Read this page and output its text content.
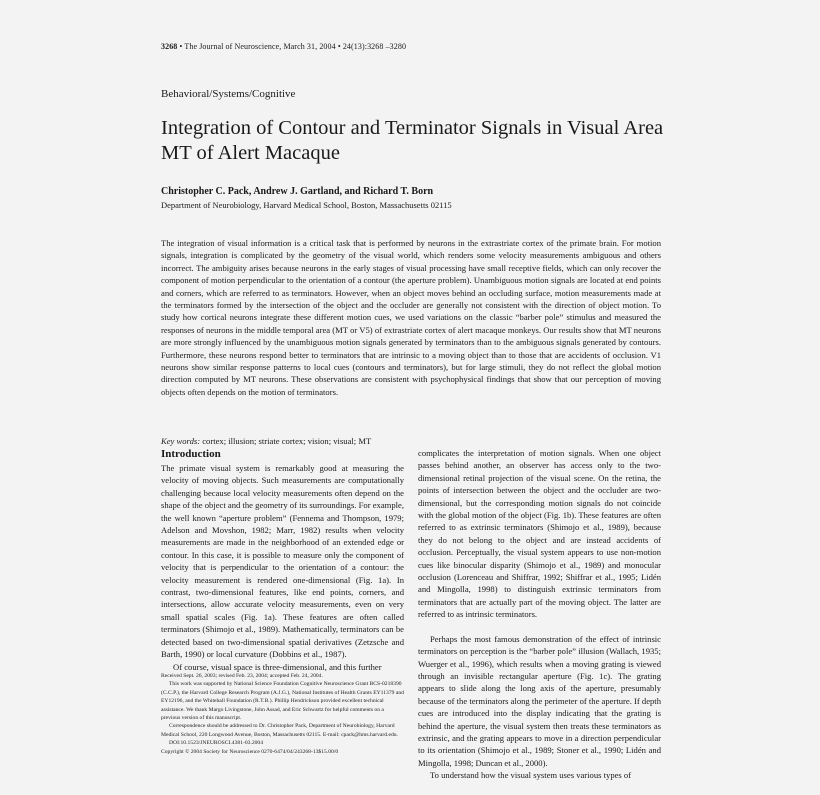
3268 • The Journal of Neuroscience, March 31, 2004 • 24(13):3268 –3280
Behavioral/Systems/Cognitive
Integration of Contour and Terminator Signals in Visual Area MT of Alert Macaque
Christopher C. Pack, Andrew J. Gartland, and Richard T. Born
Department of Neurobiology, Harvard Medical School, Boston, Massachusetts 02115

The integration of visual information is a critical task that is performed by neurons in the extrastriate cortex of the primate brain. For motion signals, integration is complicated by the geometry of the visual world, which renders some velocity measurements ambiguous and others incorrect. The ambiguity arises because neurons in the early stages of visual processing have small receptive fields, which can only recover the component of motion perpendicular to the orientation of a contour (the aperture problem). Unambiguous motion signals are located at end points and corners, which are referred to as terminators. However, when an object moves behind an occluding surface, motion measurements made at the terminators formed by the intersection of the object and the occluder are generally not consistent with the direction of object motion. To study how cortical neurons integrate these different motion cues, we used variations on the classic “barber pole” stimulus and measured the responses of neurons in the middle temporal area (MT or V5) of extrastriate cortex of alert macaque monkeys. Our results show that MT neurons are more strongly influenced by the unambiguous motion signals generated by terminators than to the ambiguous signals generated by contours. Furthermore, these neurons respond better to terminators that are intrinsic to a moving object than to those that are accidents of occlusion. V1 neurons show similar response patterns to local cues (contours and terminators), but for large stimuli, they do not reflect the global motion direction computed by MT neurons. These observations are consistent with psychophysical findings that show that our perception of moving objects often depends on the motion of terminators.

Key words: cortex; illusion; striate cortex; vision; visual; MT
Introduction

The primate visual system is remarkably good at measuring the velocity of moving objects. Such measurements are computationally challenging because local velocity measurements often depend on the shape of the object and the geometry of its surroundings. For example, the well known “aperture problem” (Fennema and Thompson, 1979; Adelson and Movshon, 1982; Marr, 1982) results when velocity measurements are made in the neighborhood of an extended edge or contour. In this case, it is possible to measure only the component of velocity that is perpendicular to the orientation of a contour: the velocity measurement is rendered one-dimensional (Fig. 1a). In contrast, two-dimensional features, like end points, corners, and intersections, allow accurate velocity measurements, even on very small spatial scales (Fig. 1a). These features are often called terminators (Shimojo et al., 1989). Mathematically, terminators can be detected based on two-dimensional spatial derivatives (Zetzsche and Barth, 1990) or local curvature (Dobbins et al., 1987).

Of course, visual space is three-dimensional, and this further

Received Sept. 26, 2003; revised Feb. 23, 2004; accepted Feb. 24, 2004.

This work was supported by National Science Foundation Cognitive Neuroscience Grant BCS-0218390 (C.C.P.), the Harvard College Research Program (A.J.G.), National Institutes of Health Grants EY11379 and EY12196, and the Whitehall Foundation (R.T.B.). Phillip Hendrickson provided excellent technical assistance. We thank Margo Livingstone, John Assad, and Eric Schwartz for helpful comments on a previous version of this manuscript.

Correspondence should be addressed to Dr. Christopher Pack, Department of Neurobiology, Harvard Medical School, 220 Longwood Avenue, Boston, Massachusetts 02115. E-mail: cpack@hms.harvard.edu.

DOI:10.1523/JNEUROSCI.4381-03.2004

Copyright © 2004 Society for Neuroscience 0270-6474/04/243268-13$15.00/0

complicates the interpretation of motion signals. When one object passes behind another, an observer has access only to the two-dimensional retinal projection of the visual scene. On the retina, the points of intersection between the object and the occluder are two-dimensional, but the corresponding motion signals do not coincide with the global motion of the object (Fig. 1b). These features are often referred to as extrinsic terminators (Shimojo et al., 1989), because they do not belong to the object and are instead accidents of occlusion. Perceptually, the visual system appears to use non-motion cues like binocular disparity (Shimojo et al., 1989) and monocular occlusion (Lorenceau and Shiffrar, 1992; Shiffrar et al., 1995; Lidén and Mingolla, 1998) to distinguish extrinsic terminators from terminators that are actually part of the moving object. The latter are referred to as intrinsic terminators.

Perhaps the most famous demonstration of the effect of intrinsic terminators on perception is the “barber pole” illusion (Wallach, 1935; Wuerger et al., 1996), which results when a moving grating is viewed through an invisible rectangular aperture (Fig. 1c). The grating appears to slide along the long axis of the aperture, presumably because of the terminators along the perimeter of the aperture. If depth cues are introduced into the display indicating that the grating is behind the aperture, the visual system then treats these terminators as extrinsic, and the grating appears to move in a direction perpendicular to its orientation (Shimojo et al., 1989; Stoner et al., 1990; Lidén and Mingolla, 1998; Duncan et al., 2000).

To understand how the visual system uses various types of
